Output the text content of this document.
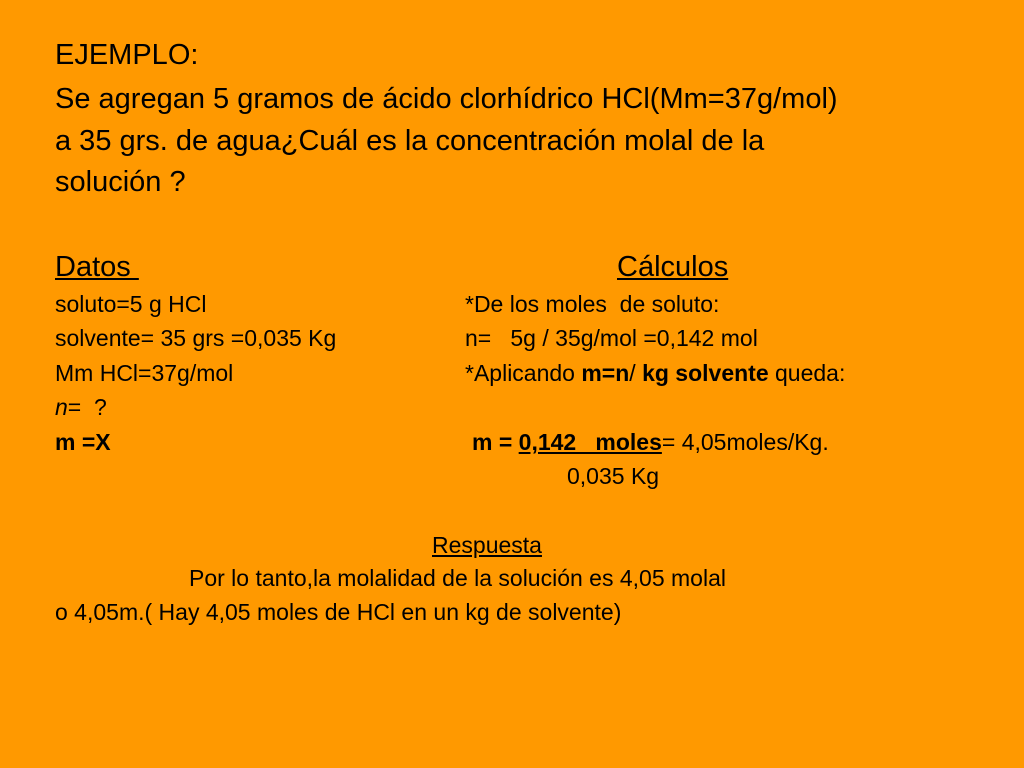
EJEMPLO:
Se agregan 5 gramos de ácido clorhídrico HCl(Mm=37g/mol)
a 35 grs. de agua¿Cuál es la concentración molal de la
solución ?
Datos
soluto=5 g HCl
solvente= 35 grs =0,035 Kg
Mm HCl=37g/mol
n=  ?
m =X
Cálculos
*De los moles  de soluto:
n=   5g / 35g/mol =0,142 mol
*Aplicando m=n/ kg solvente queda:
m = 0,142   moles= 4,05moles/Kg.
0,035 Kg
Respuesta
Por lo tanto,la molalidad de la solución es 4,05 molal
o 4,05m.( Hay 4,05 moles de HCl en un kg de solvente)
